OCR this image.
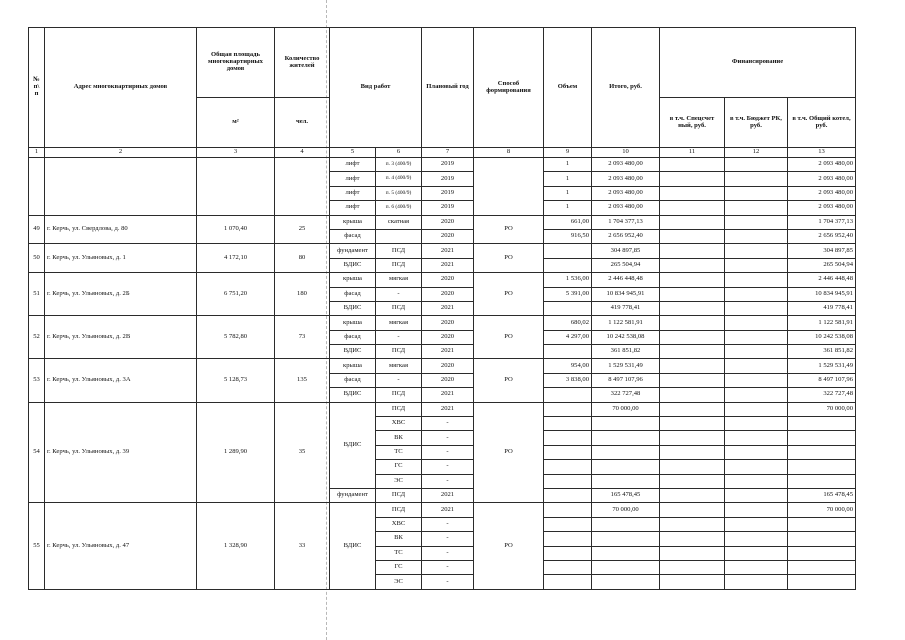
№ п\ п	Адрес многоквартирных домов	Общая площадь многоквартирных домов	Количество жителей	Вид работ		Плановый год	Способ формирования	Объем	Итого, руб.	Финансирование		
		м²	чел.							в т.ч. Спецсчет ный, руб.	в т.ч. Бюджет РК, руб.	в т.ч. Общий котел, руб.
1	2	3	4	5	6	7	8	9	10	11	12	13
				лифт	п. 3 (400/9)	2019		1	2 093 480,00			2 093 480,00
				лифт	п. 4 (400/9)	2019		1	2 093 480,00			2 093 480,00
				лифт	п. 5 (400/9)	2019		1	2 093 480,00			2 093 480,00
				лифт	п. 6 (400/9)	2019		1	2 093 480,00			2 093 480,00
49	г. Керчь, ул. Свердлова, д. 80	1 070,40	25	крыша	скатная	2020	РО	661,00	1 704 377,13			1 704 377,13
				фасад		2020		916,50	2 656 952,40			2 656 952,40
50	г. Керчь, ул. Ульяновых, д. 1	4 172,10	80	фундамент	ПСД	2021	РО		304 897,85			304 897,85
				ВДИС	ПСД	2021			265 504,94			265 504,94
51	г. Керчь, ул. Ульяновых, д. 2Б	6 751,20	180	крыша	мягкая	2020	РО	1 536,00	2 446 448,48			2 446 448,48
				фасад	-	2020		5 391,00	10 834 945,91			10 834 945,91
				ВДИС	ПСД	2021			419 778,41			419 778,41
52	г. Керчь, ул. Ульяновых, д. 2В	5 782,80	73	крыша	мягкая	2020	РО	680,02	1 122 581,91			1 122 581,91
				фасад	-	2020		4 297,00	10 242 538,08			10 242 538,08
				ВДИС	ПСД	2021			361 851,82			361 851,82
53	г. Керчь, ул. Ульяновых, д. 3А	5 128,73	135	крыша	мягкая	2020	РО	954,00	1 529 531,49			1 529 531,49
				фасад	-	2020		3 838,00	8 497 107,96			8 497 107,96
				ВДИС	ПСД	2021			322 727,48			322 727,48
54	г. Керчь, ул. Ульяновых, д. 39	1 289,90	35	ВДИС	ПСД	2021	РО		70 000,00			70 000,00
					ХВС	-						
					ВК	-						
					ТС	-						
					ГС	-						
					ЭС	-						
				фундамент	ПСД	2021			165 478,45			165 478,45
55	г. Керчь, ул. Ульяновых, д. 47	1 328,90	33	ВДИС	ПСД	2021	РО		70 000,00			70 000,00
					ХВС	-						
					ВК	-						
					ТС	-						
					ГС	-						
					ЭС	-						
